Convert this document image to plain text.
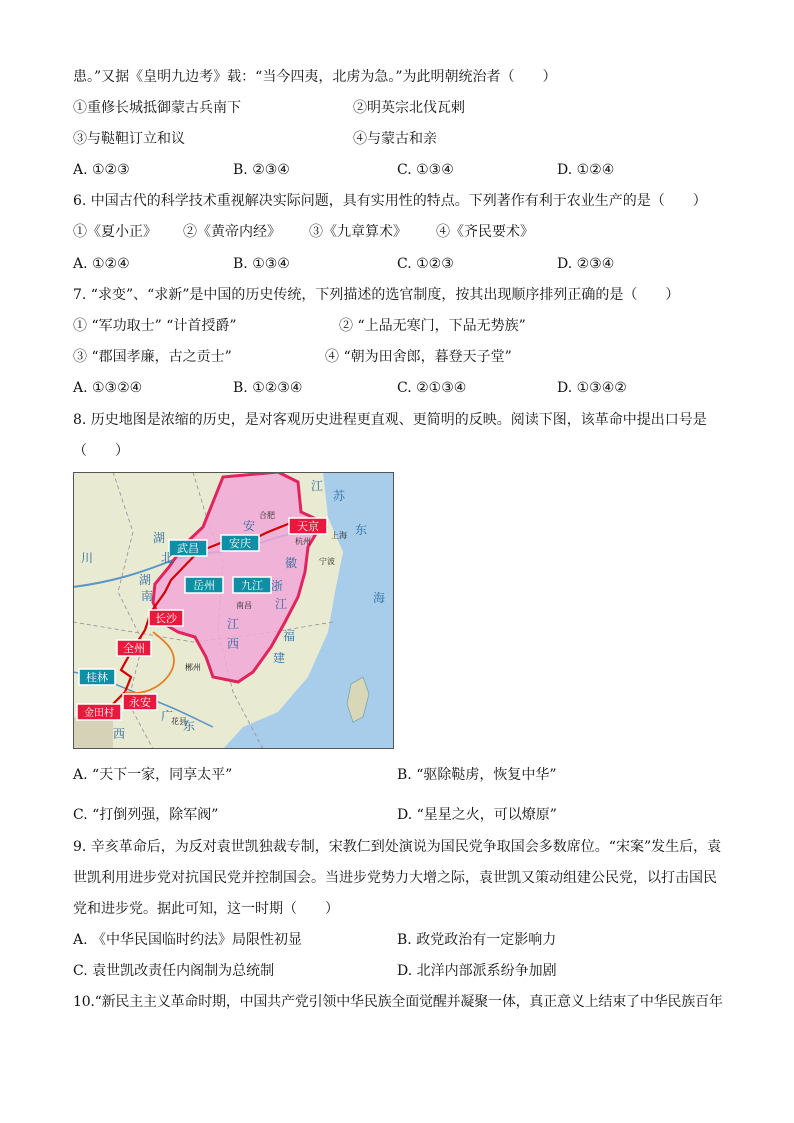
患。”又据《皇明九边考》载：“当今四夷，北虏为急。”为此明朝统治者（　　）
①重修长城抵御蒙古兵南下	②明英宗北伐瓦剌
③与鞑靼订立和议	④与蒙古和亲
A. ①②③	B. ②③④	C. ①③④	D. ①②④
6. 中国古代的科学技术重视解决实际问题，具有实用性的特点。下列著作有利于农业生产的是（　　）
①《夏小正》 ②《黄帝内经》 ③《九章算术》 ④《齐民要术》
A. ①②④	B. ①③④	C. ①②③	D. ②③④
7. “求变”、“求新”是中国的历史传统，下列描述的选官制度，按其出现顺序排列正确的是（　　）
① “军功取士” “计首授爵”	② “上品无寒门，下品无势族”
③ “郡国孝廉，古之贡士”	④ “朝为田舍郎，暮登天子堂”
A. ①③②④	B. ①②③④	C. ②①③④	D. ①③④②
8. 历史地图是浓缩的历史，是对客观历史进程更直观、更简明的反映。阅读下图，该革命中提出口号是
（　　）
天京
武昌	安庆
岳州 九江
长沙
全州
桂林
永安
金田村
江
苏
安
徽
浙
江
湖
北
川
湖
南
江
西
福
建
东
海
广
东
西
合肥
上海
杭州
宁波
南昌
郴州
花县
A. “天下一家，同享太平”	B. “驱除鞑虏，恢复中华”
C. “打倒列强，除军阀”	D. “星星之火，可以燎原”
9. 辛亥革命后，为反对袁世凯独裁专制，宋教仁到处演说为国民党争取国会多数席位。“宋案”发生后，袁
世凯利用进步党对抗国民党并控制国会。当进步党势力大增之际，袁世凯又策动组建公民党，以打击国民
党和进步党。据此可知，这一时期（　　）
A. 《中华民国临时约法》局限性初显	B. 政党政治有一定影响力
C. 袁世凯改责任内阁制为总统制	D. 北洋内部派系纷争加剧
10.“新民主主义革命时期，中国共产党引领中华民族全面觉醒并凝聚一体，真正意义上结束了中华民族百年
